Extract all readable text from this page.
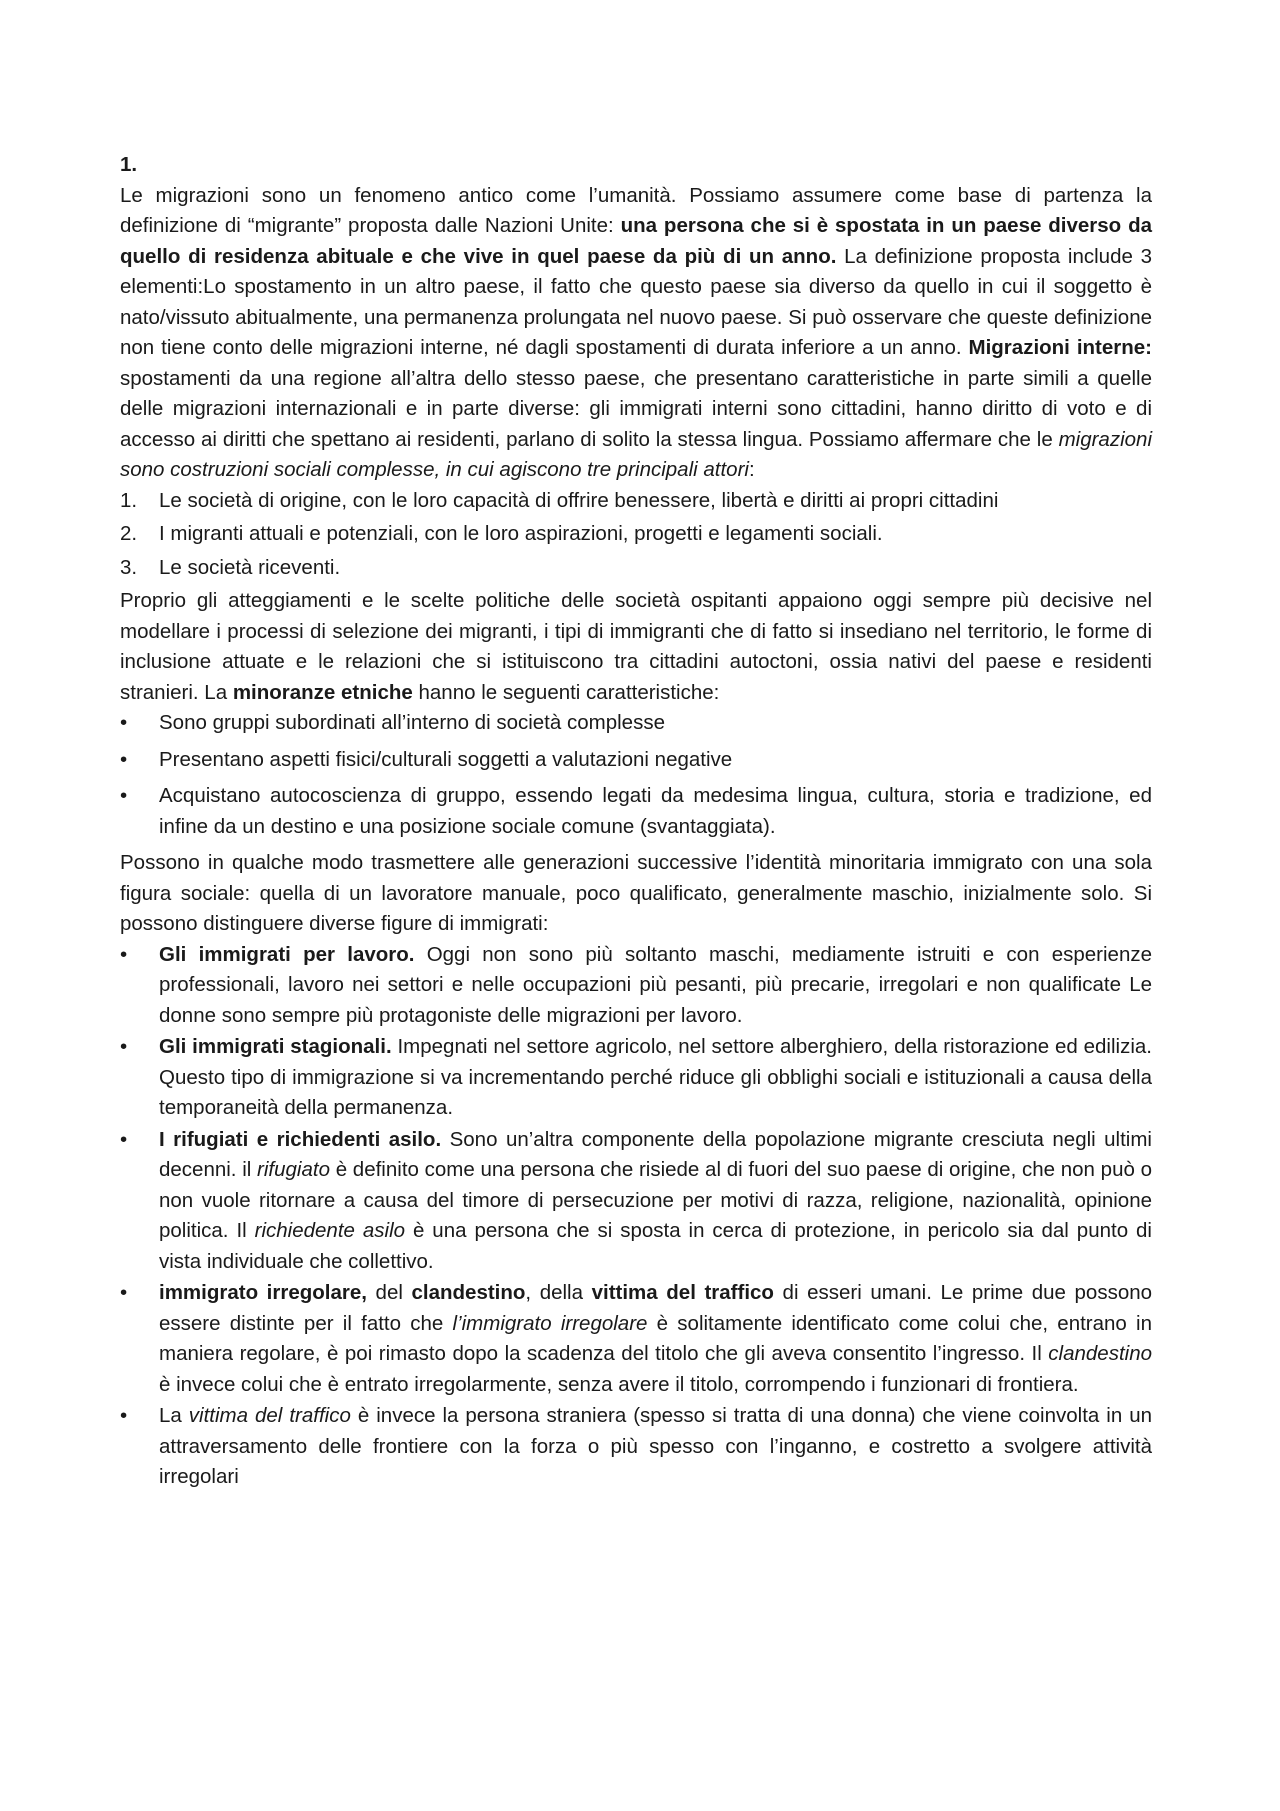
1.

Le migrazioni sono un fenomeno antico come l’umanità. Possiamo assumere come base di partenza la definizione di “migrante” proposta dalle Nazioni Unite: una persona che si è spostata in un paese diverso da quello di residenza abituale e che vive in quel paese da più di un anno. La definizione proposta include 3 elementi:Lo spostamento in un altro paese, il fatto che questo paese sia diverso da quello in cui il soggetto è nato/vissuto abitualmente, una permanenza prolungata nel nuovo paese. Si può osservare che queste definizione non tiene conto delle migrazioni interne, né dagli spostamenti di durata inferiore a un anno. Migrazioni interne: spostamenti da una regione all’altra dello stesso paese, che presentano caratteristiche in parte simili a quelle delle migrazioni internazionali e in parte diverse: gli immigrati interni sono cittadini, hanno diritto di voto e di accesso ai diritti che spettano ai residenti, parlano di solito la stessa lingua. Possiamo affermare che le migrazioni sono costruzioni sociali complesse, in cui agiscono tre principali attori:

1.	Le società di origine, con le loro capacità di offrire benessere, libertà e diritti ai propri cittadini
2.	I migranti attuali e potenziali, con le loro aspirazioni, progetti e legamenti sociali.
3.	Le società riceventi.

Proprio gli atteggiamenti e le scelte politiche delle società ospitanti appaiono oggi sempre più decisive nel modellare i processi di selezione dei migranti, i tipi di immigranti che di fatto si insediano nel territorio, le forme di inclusione attuate e le relazioni che si istituiscono tra cittadini autoctoni, ossia nativi del paese e residenti stranieri. La minoranze etniche hanno le seguenti caratteristiche:

•	Sono gruppi subordinati all’interno di società complesse
•	Presentano aspetti fisici/culturali soggetti a valutazioni negative
•	Acquistano autocoscienza di gruppo, essendo legati da medesima lingua, cultura, storia e tradizione, ed infine da un destino e una posizione sociale comune (svantaggiata).

Possono in qualche modo trasmettere alle generazioni successive l’identità minoritaria immigrato con una sola figura sociale: quella di un lavoratore manuale, poco qualificato, generalmente maschio, inizialmente solo. Si possono distinguere diverse figure di immigrati:

•	Gli immigrati per lavoro. Oggi non sono più soltanto maschi, mediamente istruiti e con esperienze professionali, lavoro nei settori e nelle occupazioni più pesanti, più precarie, irregolari e non qualificate Le donne sono sempre più protagoniste delle migrazioni per lavoro.
•	Gli immigrati stagionali. Impegnati nel settore agricolo, nel settore alberghiero, della ristorazione ed edilizia. Questo tipo di immigrazione si va incrementando perché riduce gli obblighi sociali e istituzionali a causa della temporaneità della permanenza.
•	I rifugiati e richiedenti asilo. Sono un’altra componente della popolazione migrante cresciuta negli ultimi decenni. il rifugiato è definito come una persona che risiede al di fuori del suo paese di origine, che non può o non vuole ritornare a causa del timore di persecuzione per motivi di razza, religione, nazionalità, opinione politica. Il richiedente asilo è una persona che si sposta in cerca di protezione, in pericolo sia dal punto di vista individuale che collettivo.
•	immigrato irregolare, del clandestino, della vittima del traffico di esseri umani. Le prime due possono essere distinte per il fatto che l’immigrato irregolare è solitamente identificato come colui che, entrano in maniera regolare, è poi rimasto dopo la scadenza del titolo che gli aveva consentito l’ingresso. Il clandestino è invece colui che è entrato irregolarmente, senza avere il titolo, corrompendo i funzionari di frontiera.
•	La vittima del traffico è invece la persona straniera (spesso si tratta di una donna) che viene coinvolta in un attraversamento delle frontiere con la forza o più spesso con l’inganno, e costretto a svolgere attività irregolari
